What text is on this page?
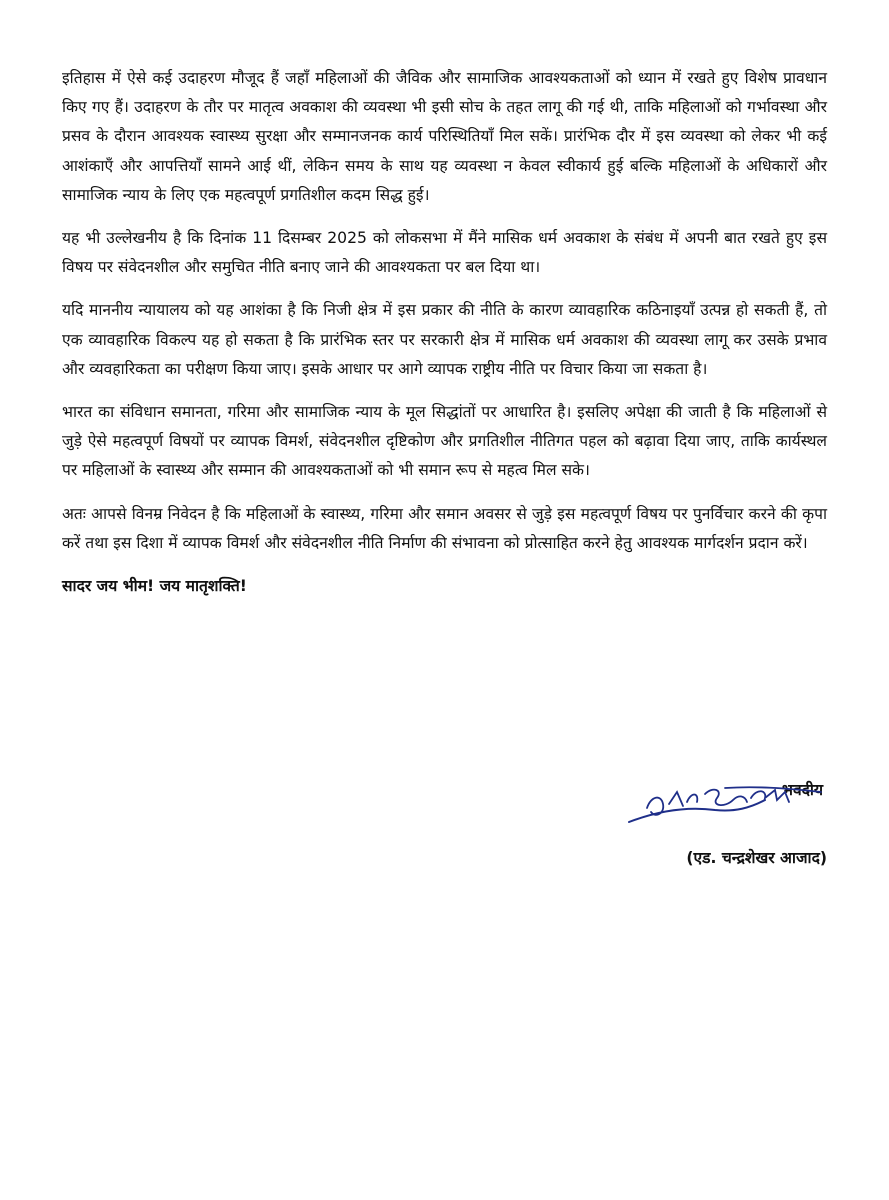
इतिहास में ऐसे कई उदाहरण मौजूद हैं जहाँ महिलाओं की जैविक और सामाजिक आवश्यकताओं को ध्यान में रखते हुए विशेष प्रावधान किए गए हैं। उदाहरण के तौर पर मातृत्व अवकाश की व्यवस्था भी इसी सोच के तहत लागू की गई थी, ताकि महिलाओं को गर्भावस्था और प्रसव के दौरान आवश्यक स्वास्थ्य सुरक्षा और सम्मानजनक कार्य परिस्थितियाँ मिल सकें। प्रारंभिक दौर में इस व्यवस्था को लेकर भी कई आशंकाएँ और आपत्तियाँ सामने आई थीं, लेकिन समय के साथ यह व्यवस्था न केवल स्वीकार्य हुई बल्कि महिलाओं के अधिकारों और सामाजिक न्याय के लिए एक महत्वपूर्ण प्रगतिशील कदम सिद्ध हुई।

यह भी उल्लेखनीय है कि दिनांक 11 दिसम्बर 2025 को लोकसभा में मैंने मासिक धर्म अवकाश के संबंध में अपनी बात रखते हुए इस विषय पर संवेदनशील और समुचित नीति बनाए जाने की आवश्यकता पर बल दिया था।

यदि माननीय न्यायालय को यह आशंका है कि निजी क्षेत्र में इस प्रकार की नीति के कारण व्यावहारिक कठिनाइयाँ उत्पन्न हो सकती हैं, तो एक व्यावहारिक विकल्प यह हो सकता है कि प्रारंभिक स्तर पर सरकारी क्षेत्र में मासिक धर्म अवकाश की व्यवस्था लागू कर उसके प्रभाव और व्यवहारिकता का परीक्षण किया जाए। इसके आधार पर आगे व्यापक राष्ट्रीय नीति पर विचार किया जा सकता है।

भारत का संविधान समानता, गरिमा और सामाजिक न्याय के मूल सिद्धांतों पर आधारित है। इसलिए अपेक्षा की जाती है कि महिलाओं से जुड़े ऐसे महत्वपूर्ण विषयों पर व्यापक विमर्श, संवेदनशील दृष्टिकोण और प्रगतिशील नीतिगत पहल को बढ़ावा दिया जाए, ताकि कार्यस्थल पर महिलाओं के स्वास्थ्य और सम्मान की आवश्यकताओं को भी समान रूप से महत्व मिल सके।

अतः आपसे विनम्र निवेदन है कि महिलाओं के स्वास्थ्य, गरिमा और समान अवसर से जुड़े इस महत्वपूर्ण विषय पर पुनर्विचार करने की कृपा करें तथा इस दिशा में व्यापक विमर्श और संवेदनशील नीति निर्माण की संभावना को प्रोत्साहित करने हेतु आवश्यक मार्गदर्शन प्रदान करें।

सादर जय भीम! जय मातृशक्ति!

भवदीय
(एड. चन्द्रशेखर आजाद)
